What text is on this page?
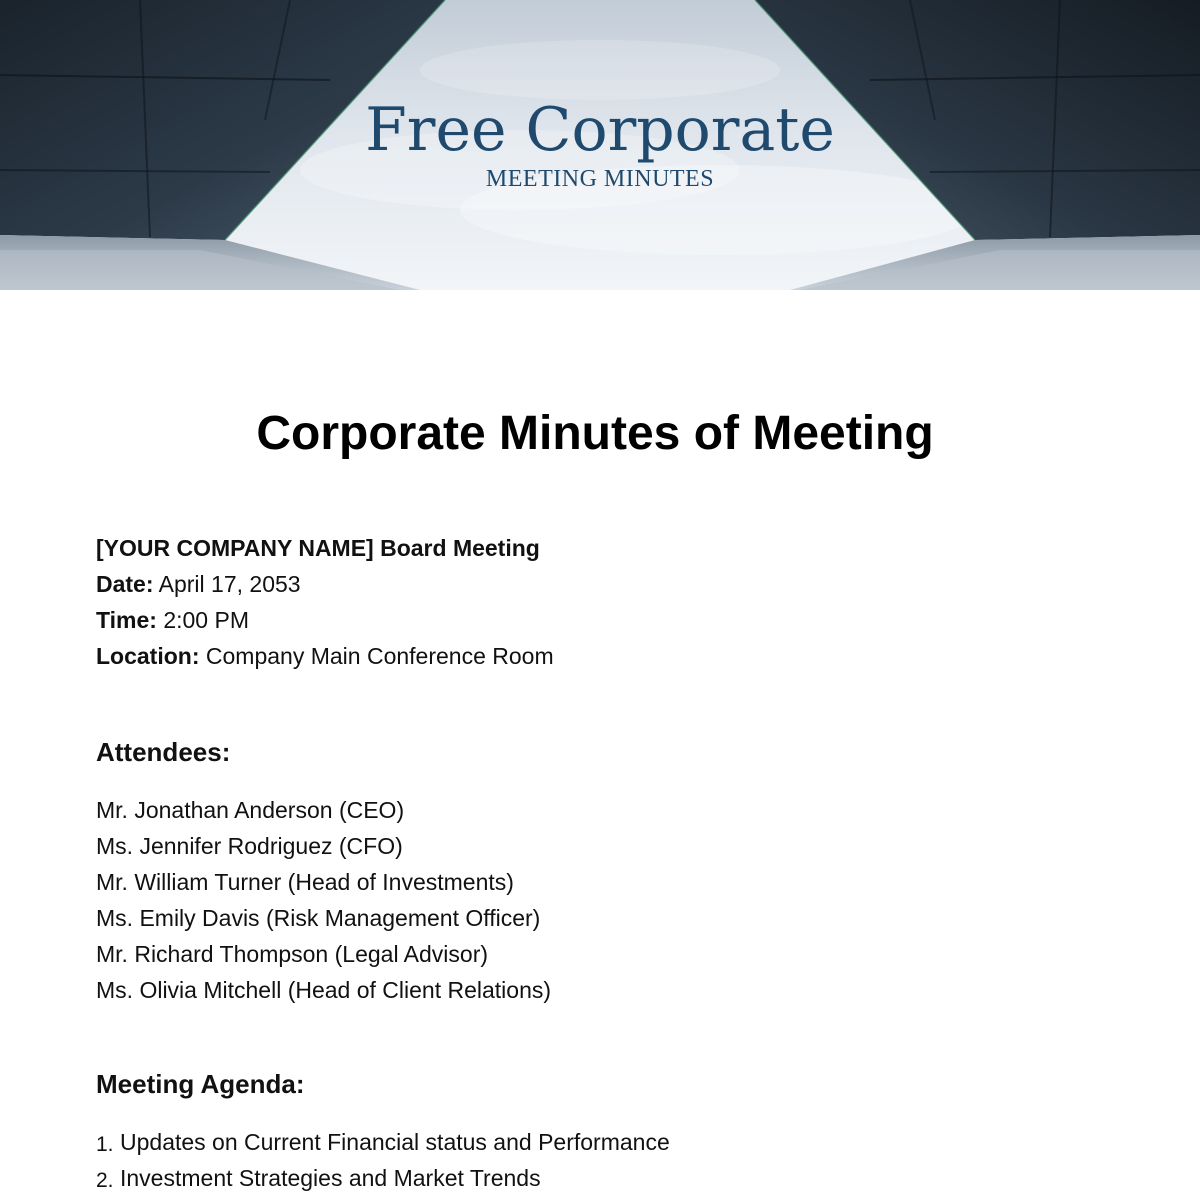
Free Corporate
MEETING MINUTES
Corporate Minutes of Meeting
[YOUR COMPANY NAME] Board Meeting
Date: April 17, 2053
Time: 2:00 PM
Location: Company Main Conference Room
Attendees:
Mr. Jonathan Anderson (CEO)
Ms. Jennifer Rodriguez (CFO)
Mr. William Turner (Head of Investments)
Ms. Emily Davis (Risk Management Officer)
Mr. Richard Thompson (Legal Advisor)
Ms. Olivia Mitchell (Head of Client Relations)
Meeting Agenda:
1. Updates on Current Financial status and Performance
2. Investment Strategies and Market Trends
